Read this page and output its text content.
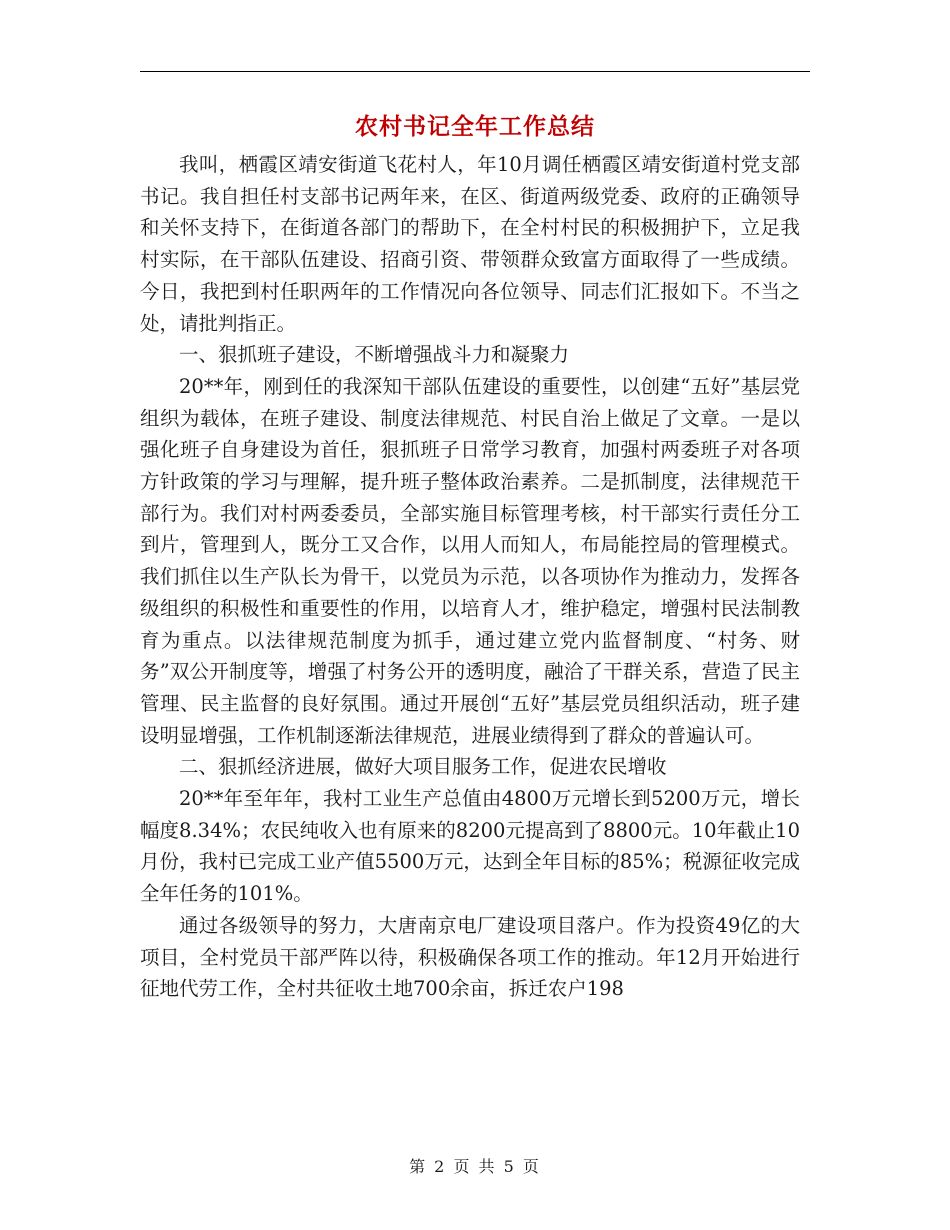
农村书记全年工作总结

我叫，栖霞区靖安街道飞花村人，年10月调任栖霞区靖安街道村党支部书记。我自担任村支部书记两年来，在区、街道两级党委、政府的正确领导和关怀支持下，在街道各部门的帮助下，在全村村民的积极拥护下，立足我村实际，在干部队伍建设、招商引资、带领群众致富方面取得了一些成绩。今日，我把到村任职两年的工作情况向各位领导、同志们汇报如下。不当之处，请批判指正。

一、狠抓班子建设，不断增强战斗力和凝聚力

20**年，刚到任的我深知干部队伍建设的重要性，以创建“五好”基层党组织为载体，在班子建设、制度法律规范、村民自治上做足了文章。一是以强化班子自身建设为首任，狠抓班子日常学习教育，加强村两委班子对各项方针政策的学习与理解，提升班子整体政治素养。二是抓制度，法律规范干部行为。我们对村两委委员，全部实施目标管理考核，村干部实行责任分工到片，管理到人，既分工又合作，以用人而知人，布局能控局的管理模式。我们抓住以生产队长为骨干，以党员为示范，以各项协作为推动力，发挥各级组织的积极性和重要性的作用，以培育人才，维护稳定，增强村民法制教育为重点。以法律规范制度为抓手，通过建立党内监督制度、“村务、财务”双公开制度等，增强了村务公开的透明度，融洽了干群关系，营造了民主管理、民主监督的良好氛围。通过开展创“五好”基层党员组织活动，班子建设明显增强，工作机制逐渐法律规范，进展业绩得到了群众的普遍认可。

二、狠抓经济进展，做好大项目服务工作，促进农民增收

20**年至年年，我村工业生产总值由4800万元增长到5200万元，增长幅度8.34%；农民纯收入也有原来的8200元提高到了8800元。10年截止10月份，我村已完成工业产值5500万元，达到全年目标的85%；税源征收完成全年任务的101%。

通过各级领导的努力，大唐南京电厂建设项目落户。作为投资49亿的大项目，全村党员干部严阵以待，积极确保各项工作的推动。年12月开始进行征地代劳工作，全村共征收土地700余亩，拆迁农户198

第 2 页 共 5 页
